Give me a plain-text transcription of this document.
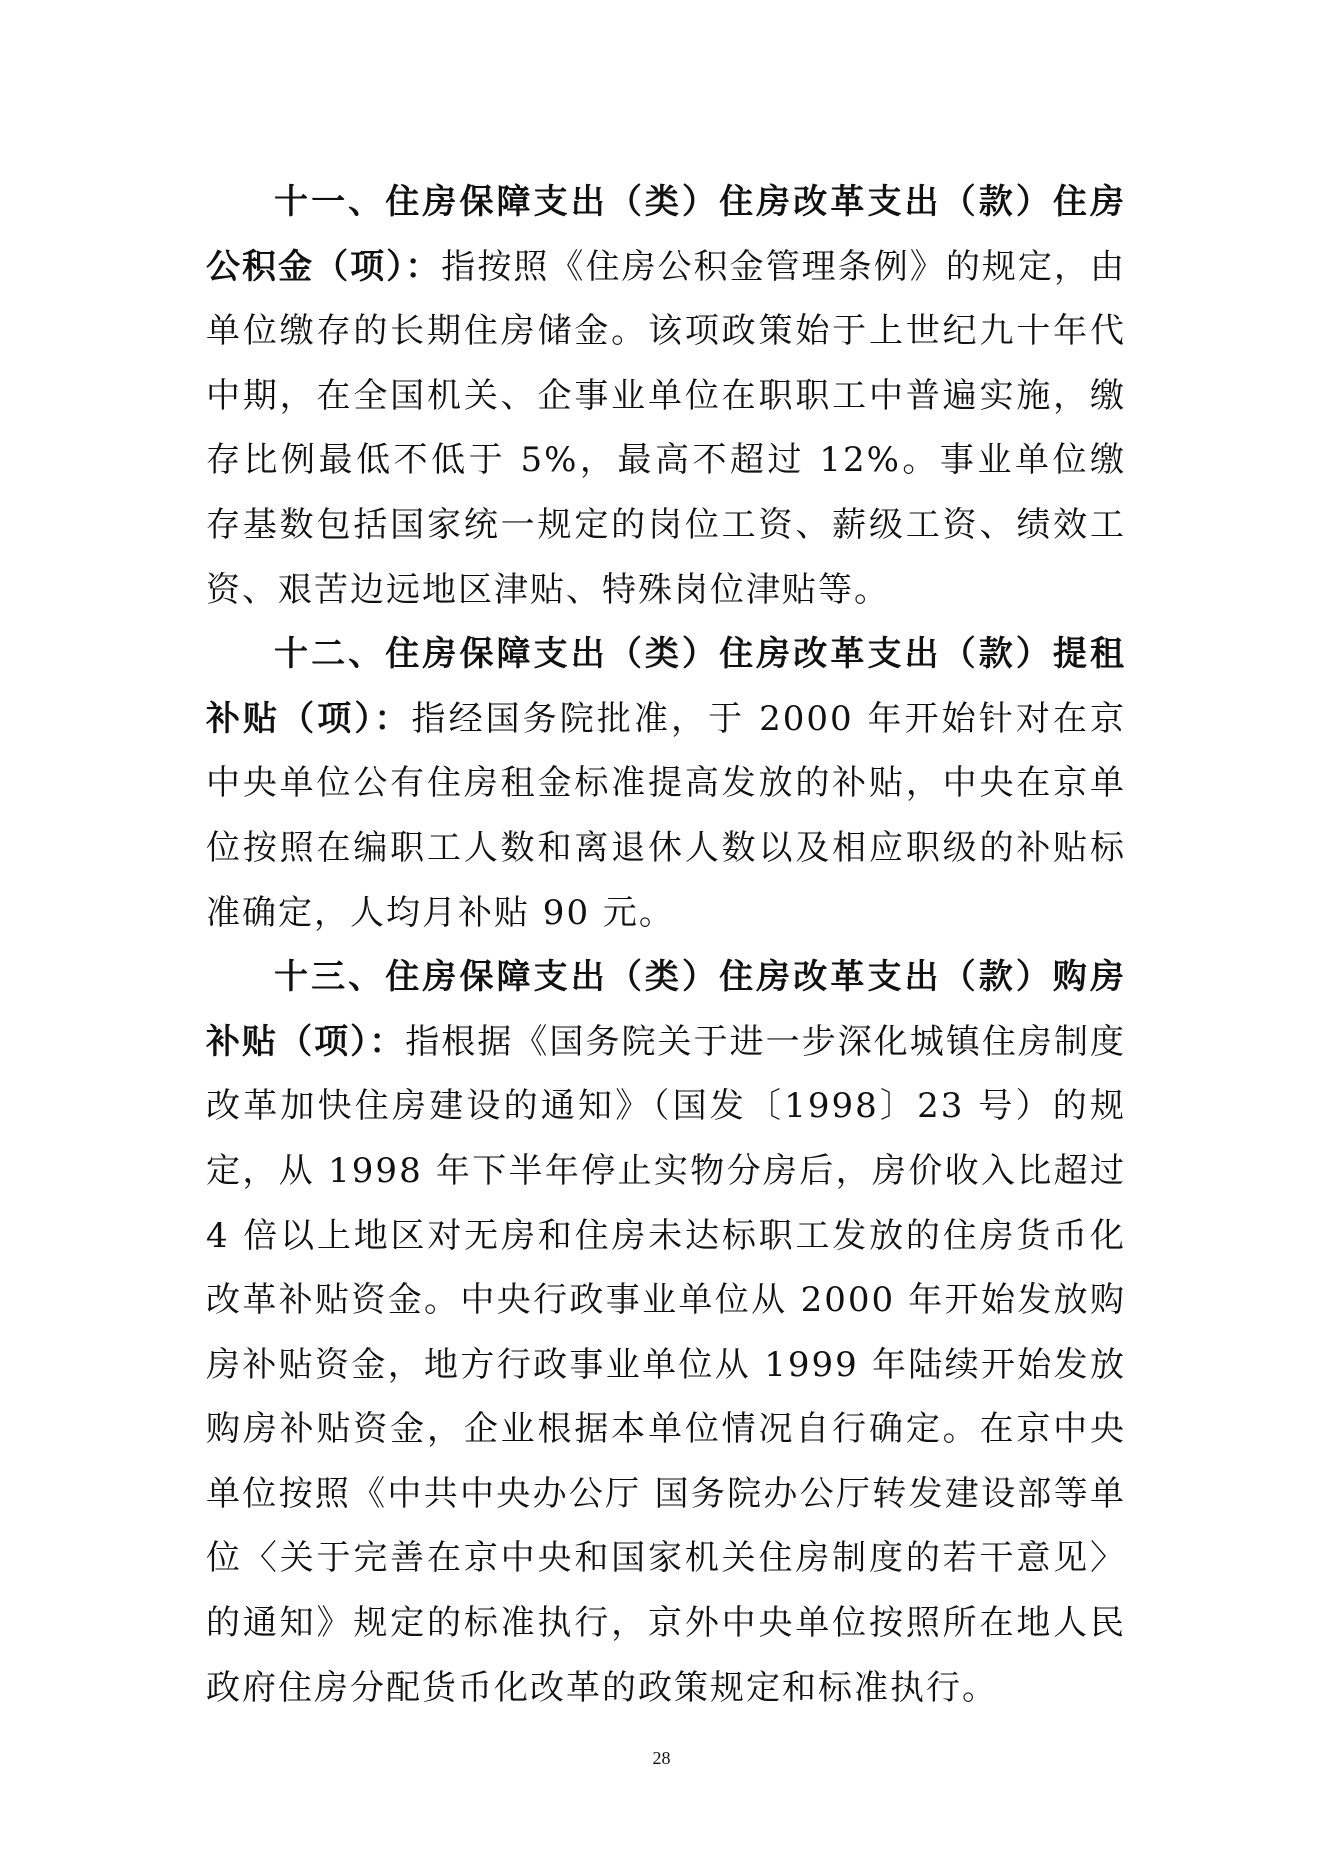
十一、住房保障支出（类）住房改革支出（款）住房公积金（项）：指按照《住房公积金管理条例》的规定，由单位缴存的长期住房储金。该项政策始于上世纪九十年代中期，在全国机关、企事业单位在职职工中普遍实施，缴存比例最低不低于 5%，最高不超过 12%。事业单位缴存基数包括国家统一规定的岗位工资、薪级工资、绩效工资、艰苦边远地区津贴、特殊岗位津贴等。

十二、住房保障支出（类）住房改革支出（款）提租补贴（项）：指经国务院批准，于 2000 年开始针对在京中央单位公有住房租金标准提高发放的补贴，中央在京单位按照在编职工人数和离退休人数以及相应职级的补贴标准确定，人均月补贴 90 元。

十三、住房保障支出（类）住房改革支出（款）购房补贴（项）：指根据《国务院关于进一步深化城镇住房制度改革加快住房建设的通知》（国发〔1998〕23 号）的规定，从 1998 年下半年停止实物分房后，房价收入比超过 4 倍以上地区对无房和住房未达标职工发放的住房货币化改革补贴资金。中央行政事业单位从 2000 年开始发放购房补贴资金，地方行政事业单位从 1999 年陆续开始发放购房补贴资金，企业根据本单位情况自行确定。在京中央单位按照《中共中央办公厅 国务院办公厅转发建设部等单位〈关于完善在京中央和国家机关住房制度的若干意见〉的通知》规定的标准执行，京外中央单位按照所在地人民政府住房分配货币化改革的政策规定和标准执行。

28
